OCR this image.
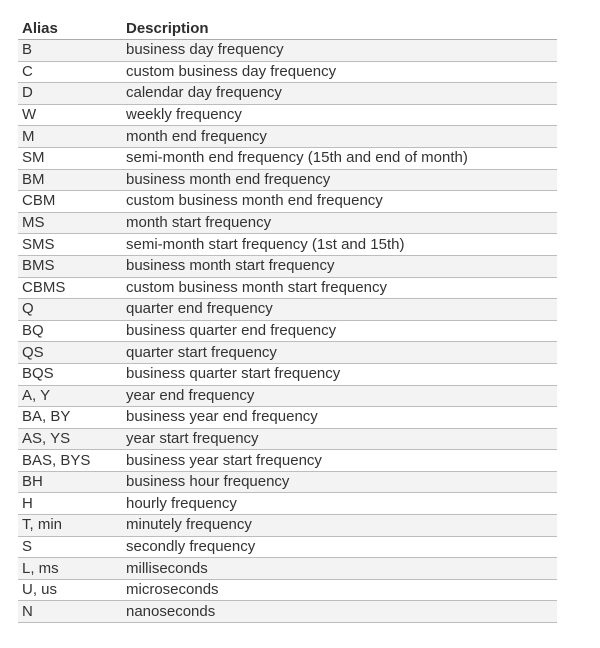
Alias	Description
B	business day frequency
C	custom business day frequency
D	calendar day frequency
W	weekly frequency
M	month end frequency
SM	semi-month end frequency (15th and end of month)
BM	business month end frequency
CBM	custom business month end frequency
MS	month start frequency
SMS	semi-month start frequency (1st and 15th)
BMS	business month start frequency
CBMS	custom business month start frequency
Q	quarter end frequency
BQ	business quarter end frequency
QS	quarter start frequency
BQS	business quarter start frequency
A, Y	year end frequency
BA, BY	business year end frequency
AS, YS	year start frequency
BAS, BYS	business year start frequency
BH	business hour frequency
H	hourly frequency
T, min	minutely frequency
S	secondly frequency
L, ms	milliseconds
U, us	microseconds
N	nanoseconds
